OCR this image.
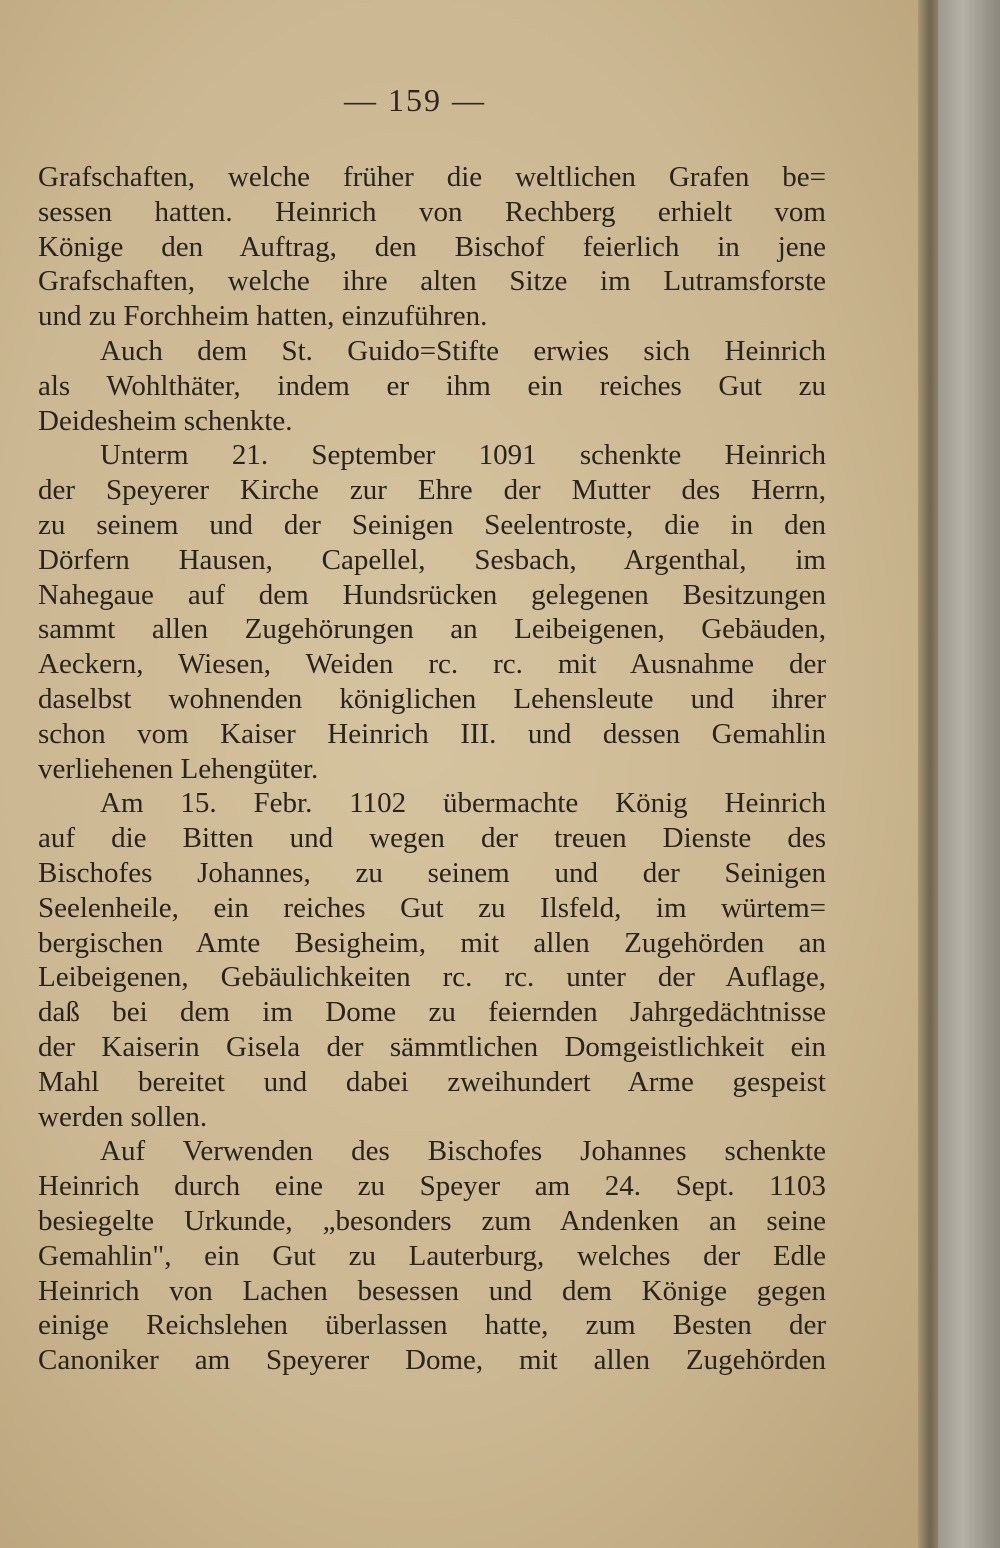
— 159 —
Grafschaften, welche früher die weltlichen Grafen be=
sessen hatten. Heinrich von Rechberg erhielt vom
Könige den Auftrag, den Bischof feierlich in jene
Grafschaften, welche ihre alten Sitze im Lutramsforste
und zu Forchheim hatten, einzuführen.
Auch dem St. Guido=Stifte erwies sich Heinrich
als Wohlthäter, indem er ihm ein reiches Gut zu
Deidesheim schenkte.
Unterm 21. September 1091 schenkte Heinrich
der Speyerer Kirche zur Ehre der Mutter des Herrn,
zu seinem und der Seinigen Seelentroste, die in den
Dörfern Hausen, Capellel, Sesbach, Argenthal, im
Nahegaue auf dem Hundsrücken gelegenen Besitzungen
sammt allen Zugehörungen an Leibeigenen, Gebäuden,
Aeckern, Wiesen, Weiden rc. rc. mit Ausnahme der
daselbst wohnenden königlichen Lehensleute und ihrer
schon vom Kaiser Heinrich III. und dessen Gemahlin
verliehenen Lehengüter.
Am 15. Febr. 1102 übermachte König Heinrich
auf die Bitten und wegen der treuen Dienste des
Bischofes Johannes, zu seinem und der Seinigen
Seelenheile, ein reiches Gut zu Ilsfeld, im würtem=
bergischen Amte Besigheim, mit allen Zugehörden an
Leibeigenen, Gebäulichkeiten rc. rc. unter der Auflage,
daß bei dem im Dome zu feiernden Jahrgedächtnisse
der Kaiserin Gisela der sämmtlichen Domgeistlichkeit ein
Mahl bereitet und dabei zweihundert Arme gespeist
werden sollen.
Auf Verwenden des Bischofes Johannes schenkte
Heinrich durch eine zu Speyer am 24. Sept. 1103
besiegelte Urkunde, „besonders zum Andenken an seine
Gemahlin", ein Gut zu Lauterburg, welches der Edle
Heinrich von Lachen besessen und dem Könige gegen
einige Reichslehen überlassen hatte, zum Besten der
Canoniker am Speyerer Dome, mit allen Zugehörden
